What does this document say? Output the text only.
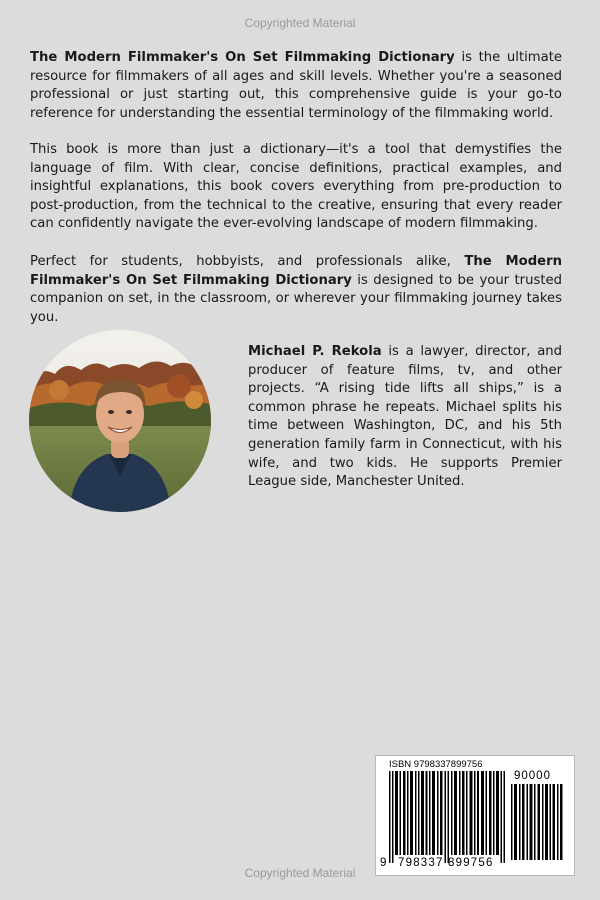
Copyrighted Material

The Modern Filmmaker's On Set Filmmaking Dictionary is the ultimate resource for filmmakers of all ages and skill levels. Whether you're a seasoned professional or just starting out, this comprehensive guide is your go-to reference for understanding the essential terminology of the filmmaking world.

This book is more than just a dictionary—it's a tool that demystifies the language of film. With clear, concise definitions, practical examples, and insightful explanations, this book covers everything from pre-production to post-production, from the technical to the creative, ensuring that every reader can confidently navigate the ever-evolving landscape of modern filmmaking.

Perfect for students, hobbyists, and professionals alike, The Modern Filmmaker's On Set Filmmaking Dictionary is designed to be your trusted companion on set, in the classroom, or wherever your filmmaking journey takes you.

Michael P. Rekola is a lawyer, director, and producer of feature films, tv, and other projects. “A rising tide lifts all ships,” is a common phrase he repeats. Michael splits his time between Washington, DC, and his 5th generation family farm in Connecticut, with his wife, and two kids. He supports Premier League side, Manchester United.

ISBN 9798337899756
90000
9 798337 899756
Copyrighted Material
